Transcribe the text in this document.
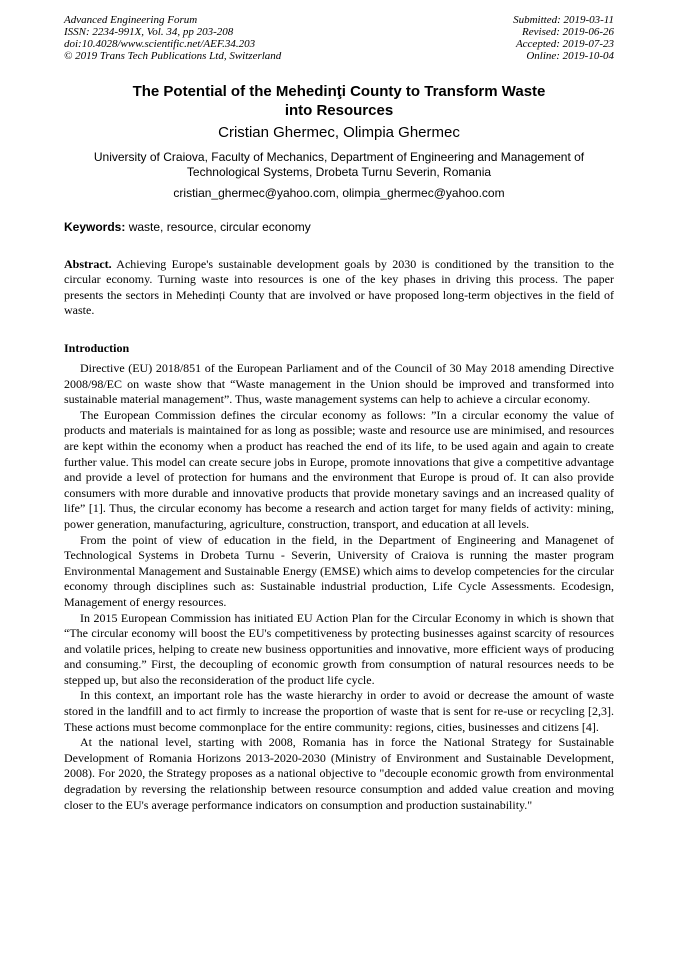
Advanced Engineering Forum	Submitted: 2019-03-11
ISSN: 2234-991X, Vol. 34, pp 203-208	Revised: 2019-06-26
doi:10.4028/www.scientific.net/AEF.34.203	Accepted: 2019-07-23
© 2019 Trans Tech Publications Ltd, Switzerland	Online: 2019-10-04
The Potential of the Mehedinţi County to Transform Waste
into Resources
Cristian Ghermec, Olimpia Ghermec
University of Craiova, Faculty of Mechanics, Department of Engineering and Management of
Technological Systems, Drobeta Turnu Severin, Romania
cristian_ghermec@yahoo.com, olimpia_ghermec@yahoo.com
Keywords: waste, resource, circular economy
Abstract. Achieving Europe's sustainable development goals by 2030 is conditioned by the transition to the circular economy. Turning waste into resources is one of the key phases in driving this process. The paper presents the sectors in Mehedinți County that are involved or have proposed long-term objectives in the field of waste.
Introduction

Directive (EU) 2018/851 of the European Parliament and of the Council of 30 May 2018 amending Directive 2008/98/EC on waste show that “Waste management in the Union should be improved and transformed into sustainable material management”. Thus, waste management systems can help to achieve a circular economy.

The European Commission defines the circular economy as follows: ”In a circular economy the value of products and materials is maintained for as long as possible; waste and resource use are minimised, and resources are kept within the economy when a product has reached the end of its life, to be used again and again to create further value. This model can create secure jobs in Europe, promote innovations that give a competitive advantage and provide a level of protection for humans and the environment that Europe is proud of. It can also provide consumers with more durable and innovative products that provide monetary savings and an increased quality of life” [1]. Thus, the circular economy has become a research and action target for many fields of activity: mining, power generation, manufacturing, agriculture, construction, transport, and education at all levels.

From the point of view of education in the field, in the Department of Engineering and Managenet of Technological Systems in Drobeta Turnu - Severin, University of Craiova is running the master program Environmental Management and Sustainable Energy (EMSE) which aims to develop competencies for the circular economy through disciplines such as: Sustainable industrial production, Life Cycle Assessments. Ecodesign, Management of energy resources.

In 2015 European Commission has initiated EU Action Plan for the Circular Economy in which is shown that “The circular economy will boost the EU's competitiveness by protecting businesses against scarcity of resources and volatile prices, helping to create new business opportunities and innovative, more efficient ways of producing and consuming.” First, the decoupling of economic growth from consumption of natural resources needs to be stepped up, but also the reconsideration of the product life cycle.

In this context, an important role has the waste hierarchy in order to avoid or decrease the amount of waste stored in the landfill and to act firmly to increase the proportion of waste that is sent for re-use or recycling [2,3]. These actions must become commonplace for the entire community: regions, cities, businesses and citizens [4].

At the national level, starting with 2008, Romania has in force the National Strategy for Sustainable Development of Romania Horizons 2013-2020-2030 (Ministry of Environment and Sustainable Development, 2008). For 2020, the Strategy proposes as a national objective to "decouple economic growth from environmental degradation by reversing the relationship between resource consumption and added value creation and moving closer to the EU's average performance indicators on consumption and production sustainability."
